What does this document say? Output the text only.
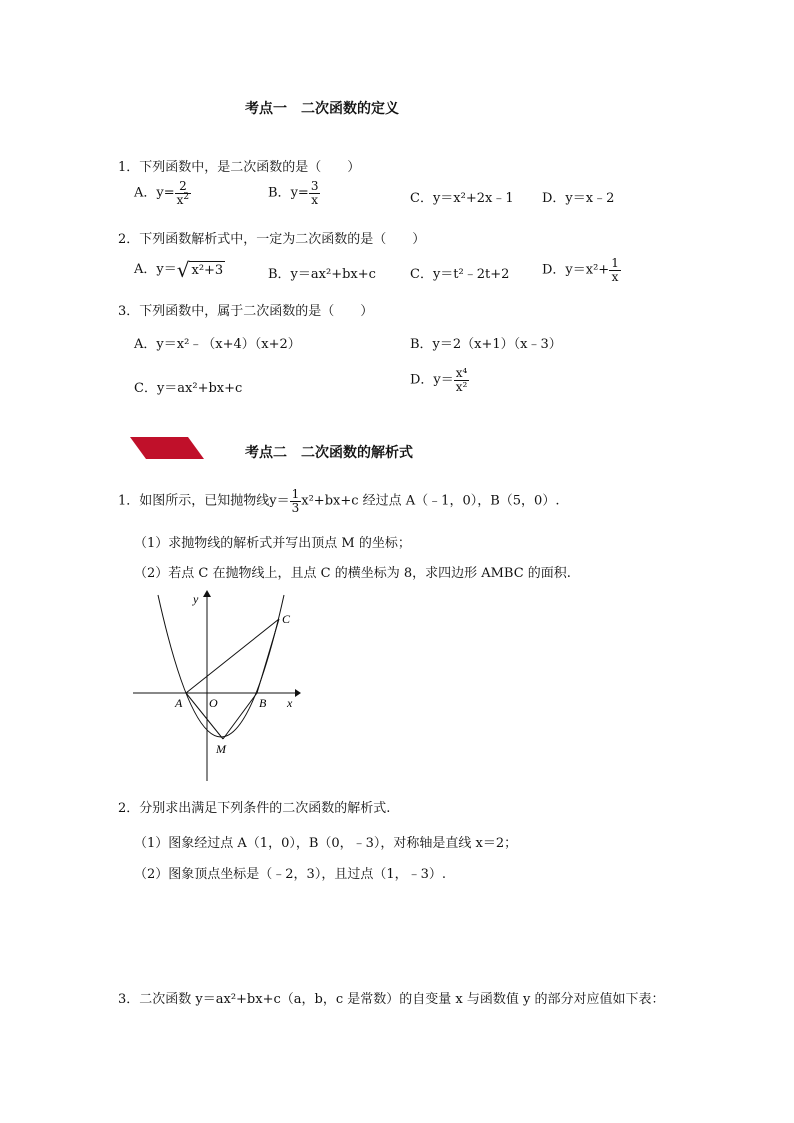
考点一　二次函数的定义
1．下列函数中，是二次函数的是（　　）
A．$y= \frac{2}{x^2}$	B．$y= \frac{3}{x}$	C．y＝x²+2x﹣1 D．y＝x﹣2
2．下列函数解析式中，一定为二次函数的是（　　）
A．y＝√ x²+3	B．y＝ax²+bx+c	C．y＝t²﹣2t+2	D．$y=x^2+ \frac{1}{x}$
3．下列函数中，属于二次函数的是（　　）
A．y＝x²﹣（x+4）（x+2）	B．y＝2（x+1）（x﹣3）
C．y＝ax²+bx+c
D．$y= \frac{\text{x⁴}}{\text{x²}}$
考点二　二次函数的解析式
1．如图所示，已知抛物线$y= \frac{1}{3} x^2+bx+c$ 经过点 A（﹣1，0），B（5，0）.
（1）求抛物线的解析式并写出顶点 M 的坐标；
（2）若点 C 在抛物线上，且点 C 的横坐标为 8，求四边形 AMBC 的面积.
y
x
A O	B
C
M
2．分别求出满足下列条件的二次函数的解析式.
（1）图象经过点 A（1，0），B（0，﹣3），对称轴是直线 x＝2；
（2）图象顶点坐标是（﹣2，3），且过点（1，﹣3）.
3．二次函数 y＝ax²+bx+c（a，b，c 是常数）的自变量 x 与函数值 y 的部分对应值如下表：
